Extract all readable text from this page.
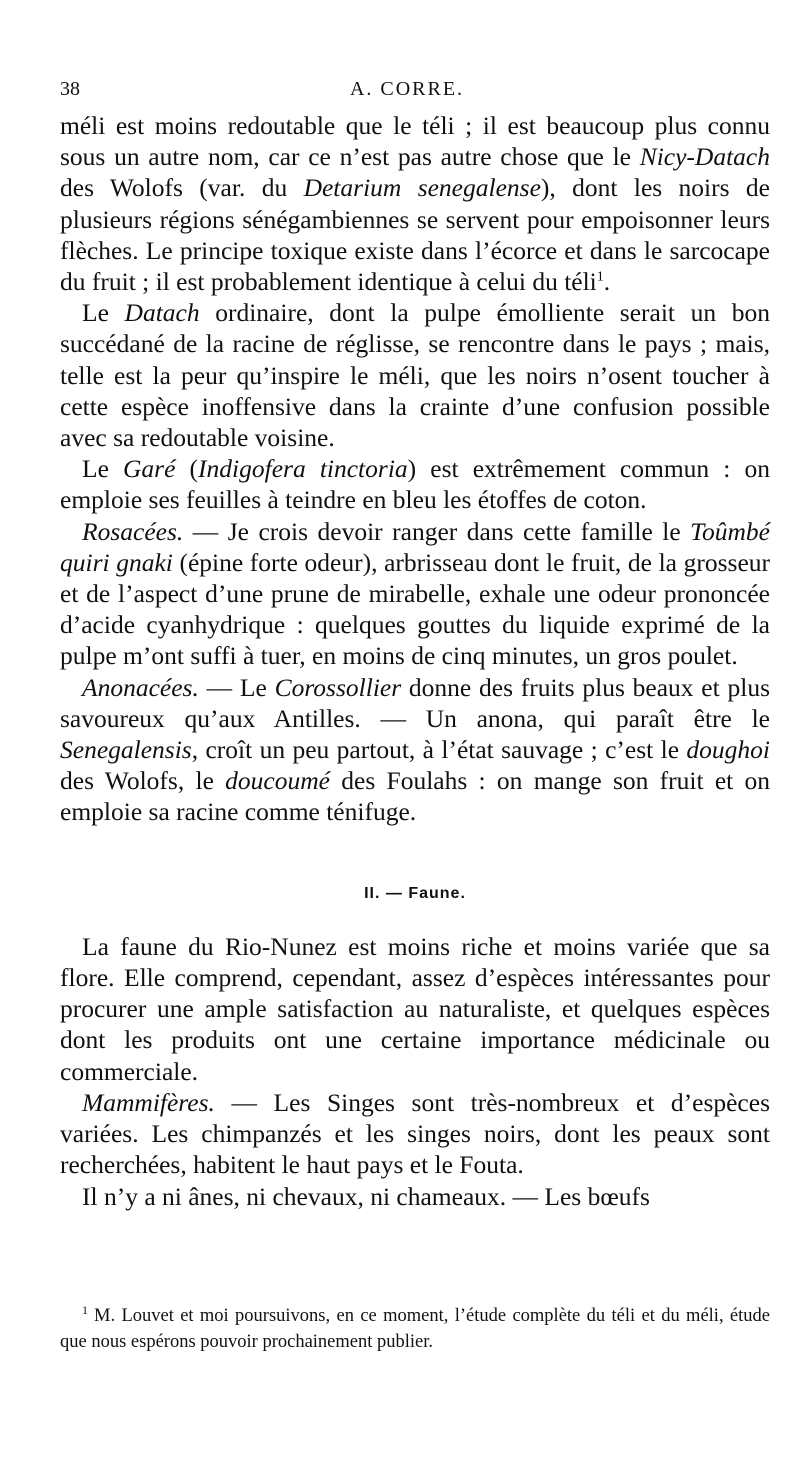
38	A. CORRE.

méli est moins redoutable que le téli ; il est beaucoup plus connu sous un autre nom, car ce n’est pas autre chose que le Nicy-Datach des Wolofs (var. du Detarium senegalense), dont les noirs de plusieurs régions sénégambiennes se servent pour empoisonner leurs flèches. Le principe toxique existe dans l’écorce et dans le sarcocape du fruit ; il est probablement identique à celui du téli$^1$.

Le Datach ordinaire, dont la pulpe émolliente serait un bon succédané de la racine de réglisse, se rencontre dans le pays ; mais, telle est la peur qu’inspire le méli, que les noirs n’osent toucher à cette espèce inoffensive dans la crainte d’une confusion possible avec sa redoutable voisine.

Le Garé (Indigofera tinctoria) est extrêmement commun : on emploie ses feuilles à teindre en bleu les étoffes de coton.

Rosacées. — Je crois devoir ranger dans cette famille le Toûmbé quiri gnaki (épine forte odeur), arbrisseau dont le fruit, de la grosseur et de l’aspect d’une prune de mirabelle, exhale une odeur prononcée d’acide cyanhydrique : quelques gouttes du liquide exprimé de la pulpe m’ont suffi à tuer, en moins de cinq minutes, un gros poulet.

Anonacées. — Le Corossollier donne des fruits plus beaux et plus savoureux qu’aux Antilles. — Un anona, qui paraît être le Senegalensis, croît un peu partout, à l’état sauvage ; c’est le doughoi des Wolofs, le doucoumé des Foulahs : on mange son fruit et on emploie sa racine comme ténifuge.

II. — Faune.

La faune du Rio-Nunez est moins riche et moins variée que sa flore. Elle comprend, cependant, assez d’espèces intéressantes pour procurer une ample satisfaction au naturaliste, et quelques espèces dont les produits ont une certaine importance médicinale ou commerciale.

Mammifères. — Les Singes sont très-nombreux et d’espèces variées. Les chimpanzés et les singes noirs, dont les peaux sont recherchées, habitent le haut pays et le Fouta.

Il n’y a ni ânes, ni chevaux, ni chameaux. — Les bœufs

$^1$ M. Louvet et moi poursuivons, en ce moment, l’étude complète du téli et du méli, étude que nous espérons pouvoir prochainement publier.
